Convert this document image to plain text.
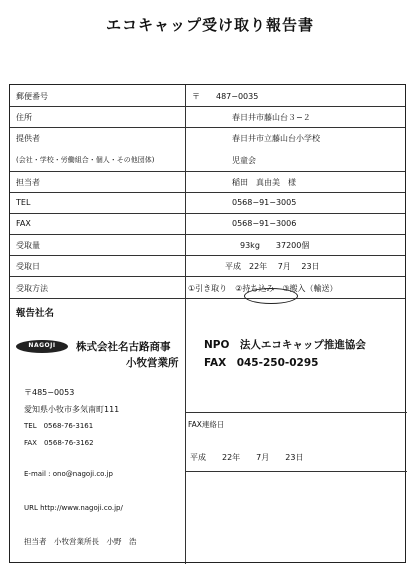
エコキャップ受け取り報告書
郵便番号	〒　　487−0035
住所	春日井市藤山台３−２
提供者	春日井市立藤山台小学校
(会社・学校・労働組合・個人・その他団体)	児童会
担当者	稲田　真由美　様
TEL	0568−91−3005
FAX	0568−91−3006
受取量	93kg　　37200個
受取日	平成　22年　 7月　 23日
受取方法	①引き取り　②持ち込み　③搬入（輸送）
報告社名
NAGOJI	株式会社名古路商事
小牧営業所
〒485−0053
愛知県小牧市多気南町111
TEL　0568-76-3161
FAX　0568-76-3162
E-mail : ono@nagoji.co.jp
URL http://www.nagoji.co.jp/
担当者　小牧営業所長　小野　浩
NPO　法人エコキャップ推進協会
FAX　045-250-0295
FAX連絡日
平成　　22年　　7月　　23日
